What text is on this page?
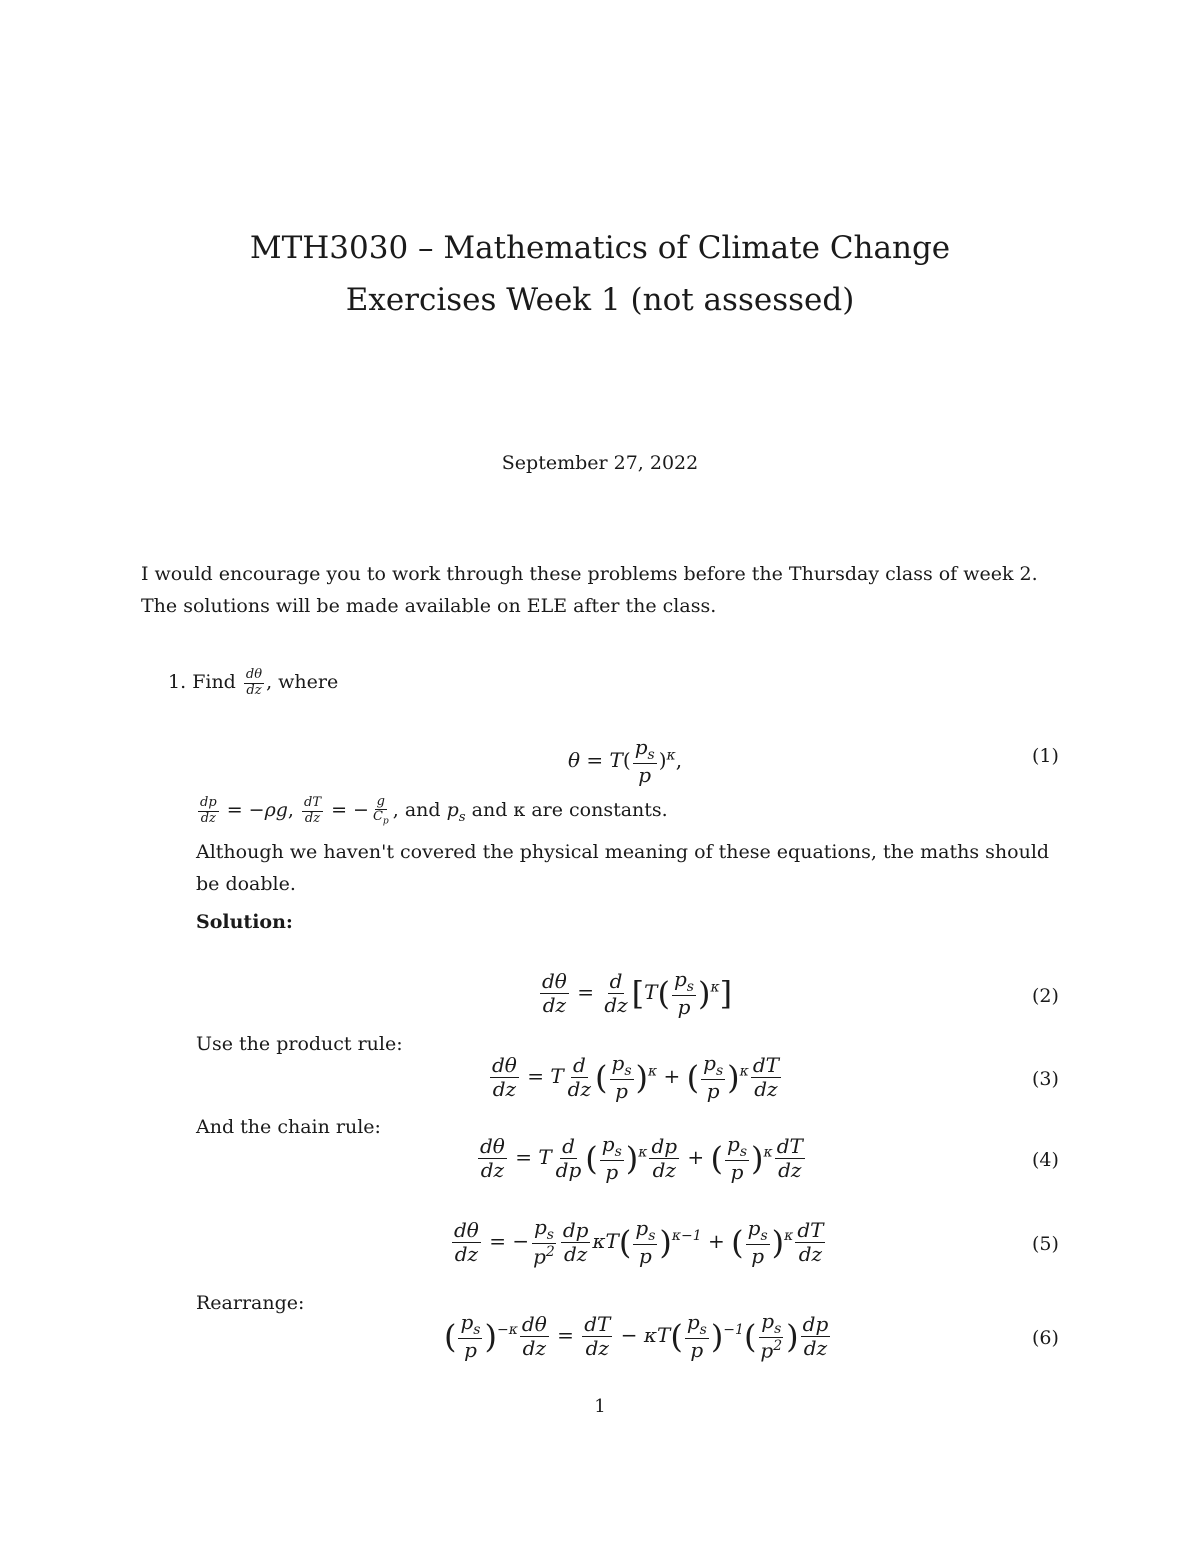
MTH3030 – Mathematics of Climate Change
Exercises Week 1 (not assessed)
September 27, 2022
I would encourage you to work through these problems before the Thursday class of week 2. The solutions will be made available on ELE after the class.
1. Find $\frac{d\theta}{dz}$ , where
$\theta = T( \frac{p_s}{p} )^\kappa$,	(1)
$\frac{dp}{dz} = -\rho g$, $\frac{dT}{dz}$ = − $\frac{g}{C_p}$ , and $p_s$ and κ are constants.
Although we haven't covered the physical meaning of these equations, the maths should be doable.
Solution:
$\frac{d\theta}{dz} = \frac{d}{dz} [T( \frac{p_s}{p} )^\kappa]$	(2)
Use the product rule:
$\frac{d\theta}{dz} = T \frac{d}{dz}$ ( $\frac{p_s}{p} )^\kappa$ + ( $\frac{p_s}{p} )^\kappa \frac{dT}{dz}$	(3)
And the chain rule:
$\frac{d\theta}{dz} = T \frac{d}{dp}$ ( $\frac{p_s}{p} )^\kappa \frac{dp}{dz}$ + ( $\frac{p_s}{p} )^\kappa \frac{dT}{dz}$	(4)
$\frac{d\theta}{dz}$ = − $\frac{p_s}{p^2} \frac{dp}{dz} \kappa T( \frac{p_s}{p} )^{\kappa-1}$ + ( $\frac{p_s}{p} )^\kappa \frac{dT}{dz}$	(5)
Rearrange:
( $\frac{p_s}{p} )^{-\kappa} \frac{d\theta}{dz} = \frac{dT}{dz} - \kappa T( \frac{p_s}{p} )^{-1}( \frac{p_s}{p^2}$ ) $\frac{dp}{dz}$	(6)
1
